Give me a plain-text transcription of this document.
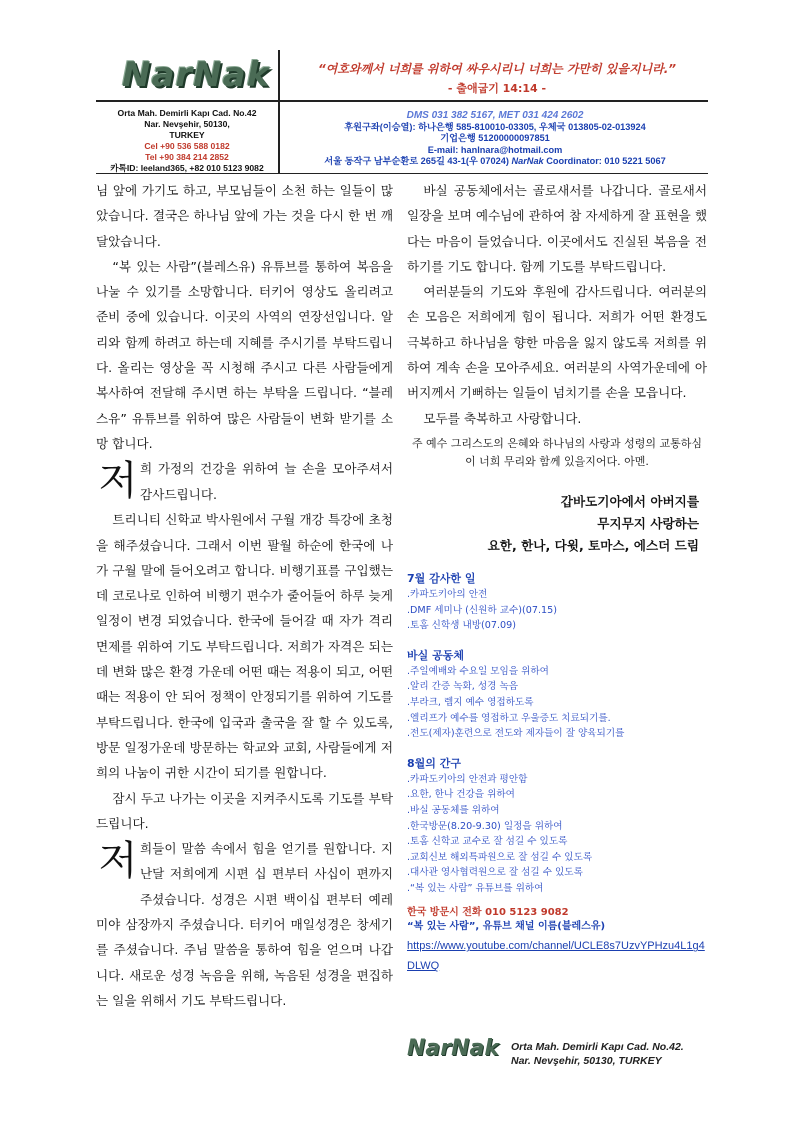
NarNak	“여호와께서 너희를 위하여 싸우시리니 너희는 가만히 있을지니라.”
- 출애굽기 14:14 -
Orta Mah. Demirli Kapı Cad. No.42
Nar. Nevşehir, 50130,
TURKEY
Cel +90 536 588 0182
Tel +90 384 214 2852
카톡ID: leeland365, +82 010 5123 9082
DMS 031 382 5167, MET 031 424 2602
후원구좌(이승열): 하나은행 585-810010-03305, 우체국 013805-02-013924
기업은행 51200000097851
E-mail: hanlnara@hotmail.com
서울 동작구 남부순환로 265길 43-1(우 07024) NarNak Coordinator: 010 5221 5067

님 앞에 가기도 하고, 부모님들이 소천 하는 일들이 많았습니다. 결국은 하나님 앞에 가는 것을 다시 한 번 깨달았습니다.

“복 있는 사람”(블레스유) 유튜브를 통하여 복음을 나눌 수 있기를 소망합니다. 터키어 영상도 올리려고 준비 중에 있습니다. 이곳의 사역의 연장선입니다. 알리와 함께 하려고 하는데 지혜를 주시기를 부탁드립니다. 올리는 영상을 꼭 시청해 주시고 다른 사람들에게 복사하여 전달해 주시면 하는 부탁을 드립니다. “블레스유” 유튜브를 위하여 많은 사람들이 변화 받기를 소망 합니다.

저 희 가정의 건강을 위하여 늘 손을 모아주셔서 감사드립니다.

트리니티 신학교 박사원에서 구월 개강 특강에 초청을 해주셨습니다. 그래서 이번 팔월 하순에 한국에 나가 구월 말에 들어오려고 합니다. 비행기표를 구입했는데 코로나로 인하여 비행기 편수가 줄어들어 하루 늦게 일정이 변경 되었습니다. 한국에 들어갈 때 자가 격리 면제를 위하여 기도 부탁드립니다. 저희가 자격은 되는데 변화 많은 환경 가운데 어떤 때는 적용이 되고, 어떤 때는 적용이 안 되어 정책이 안정되기를 위하여 기도를 부탁드립니다. 한국에 입국과 출국을 잘 할 수 있도록, 방문 일정가운데 방문하는 학교와 교회, 사람들에게 저희의 나눔이 귀한 시간이 되기를 원합니다.

잠시 두고 나가는 이곳을 지켜주시도록 기도를 부탁드립니다.

저 희들이 말씀 속에서 힘을 얻기를 원합니다. 지난달 저희에게 시편 십 편부터 사십이 편까지 주셨습니다. 성경은 시편 백이십 편부터 예레미야 삼장까지 주셨습니다. 터키어 매일성경은 창세기를 주셨습니다. 주님 말씀을 통하여 힘을 얻으며 나갑니다. 새로운 성경 녹음을 위해, 녹음된 성경을 편집하는 일을 위해서 기도 부탁드립니다.

바실 공동체에서는 골로새서를 나갑니다. 골로새서 일장을 보며 예수님에 관하여 참 자세하게 잘 표현을 했다는 마음이 들었습니다. 이곳에서도 진실된 복음을 전하기를 기도 합니다. 함께 기도를 부탁드립니다.

여러분들의 기도와 후원에 감사드립니다. 여러분의 손 모음은 저희에게 힘이 됩니다. 저희가 어떤 환경도 극복하고 하나님을 향한 마음을 잃지 않도록 저희를 위하여 계속 손을 모아주세요. 여러분의 사역가운데에 아버지께서 기뻐하는 일들이 넘치기를 손을 모읍니다.

모두를 축복하고 사랑합니다.

주 예수 그리스도의 은혜와 하나님의 사랑과 성령의 교통하심이 너희 무리와 함께 있을지어다. 아멘.

갑바도기아에서 아버지를
무지무지 사랑하는
요한, 한나, 다윗, 토마스, 에스더 드림
7월 감사한 일
.카파도키아의 안전
.DMF 세미나 (신원하 교수)(07.15)
.토홈 신학생 내방(07.09)
바실 공동체
.주일예배와 수요일 모임을 위하여
.알리 간증 녹화, 성경 녹음
.부라크, 렘지 예수 영접하도록
.엘리프가 예수를 영접하고 우울증도 치료되기를.
.전도(제자)훈련으로 전도와 제자들이 잘 양육되기를
8월의 간구
.카파도키아의 안전과 평안함
.요한, 한나 건강을 위하여
.바실 공동체를 위하여
.한국방문(8.20-9.30) 일정을 위하여
.토홈 신학교 교수로 잘 섬길 수 있도록
.교회신보 해외특파원으로 잘 섬길 수 있도록
.대사관 영사협력원으로 잘 섬길 수 있도록
.“복 있는 사람” 유튜브를 위하여
한국 방문시 전화 010 5123 9082
“복 있는 사람”, 유튜브 채널 이름(블레스유)
https://www.youtube.com/channel/UCLE8s7UzvYPHzu4L1g4DLWQ
NarNak Orta Mah. Demirli Kapı Cad. No.42.
Nar. Nevşehir, 50130, TURKEY
